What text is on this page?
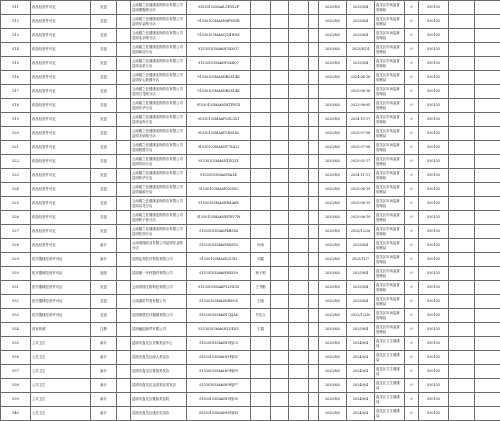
511	药品经营许可证	变更		云南健之佳健康连锁药店有限公司昆明德胜路分店	91530102MA6L5EYX2P					2020/8/5	2025/8/4	盘龙区市场监督管理局	0	530103		
512	药品经营许可证	变更		云南健之佳健康连锁药店有限公司昆明穿金路分店	91530103MA6N8P9X5R					2020/8/5	2025/8/4	盘龙区市场监督管理局	0	530103		
513	药品经营许可证	变更		云南健之佳健康连锁药店有限公司昆明北京路分店	91530103MA6CJQ4W0X					2020/8/5	2025/8/4	盘龙区市场监督管理局	0	530103		
514	药品经营许可证	变更		云南健之佳健康连锁药店有限公司昆明新迎分店	91530103MA6NUK0Q7					2020/8/5	2025/4/14	盘龙区市场监督管理局	0	530103		
515	药品经营许可证	变更		云南健之佳健康连锁药店有限公司昆明金星分店	91530103MA6NUK4Q7					2020/8/5	2025/8/4	盘龙区市场监督管理局	0	530103		
516	药品经营许可证	变更		云南健之佳健康连锁药店有限公司昆明穿心鼓楼分店	91530103MA6NB2X14K					2020/8/5	2024-04-16	盘龙区市场监督管理局	0	530103		
517	药品经营许可证	变更		云南健之佳健康连锁药店有限公司昆明白龙路分店	91530103MA6NB2X14K						2025-06-16	盘龙区市场监督管理局	0	530103		
518	药品经营许可证	变更		云南健之佳健康连锁药店有限公司昆明东华分店	91530103MA6NMTP5GX					2020/8/5	2023-08-05	盘龙区市场监督管理局	0	530103		
519	药品经营许可证	变更		云南健之佳健康连锁药店有限公司昆明金尚分店	91530103MA6P2GL3X1					2020/8/5	2024-10-17	盘龙区市场监督管理局	0	530103		
520	药品经营许可证	变更		云南健之佳健康连锁药店有限公司昆明龙泉路分店	91530103MA6P2N6L60					2020/8/5	2025-07-08	盘龙区市场监督管理局	0	530103		
521	药品经营许可证	变更		云南健之佳健康连锁药店有限公司昆明联盟分店	91530103MA6NY7XA12					2020/8/5	2025-07-08	盘龙区市场监督管理局	0	530103		
522	药品经营许可证	变更		云南健之佳健康连锁药店有限公司昆明茨坝分店	91530103MA6N1XQ2X					2020/8/5	2025-02-17	盘龙区市场监督管理局	0	530103		
523	药品经营许可证	变更		云南健之佳健康连锁药店有限公司昆明松华分店	91530103MA6P6A1K					2020/8/5	2024-11-11	盘龙区市场监督管理局	0	530103		
524	药品经营许可证	变更		云南健之佳健康连锁药店有限公司昆明滇源分店	91530103MA6P2N9N2					2020/8/5	2025-06-19	盘龙区市场监督管理局	0	530103		
525	药品经营许可证	变更		云南健之佳健康连锁药店有限公司昆明双龙分店	91530103MA6NH4A6X					2020/8/5	2025-06-19	盘龙区市场监督管理局	0	530103		
526	药品经营许可证	变更		云南健之佳健康连锁药店有限公司昆明阿子营分店	91530103MA6NHT6V7W					2020/8/5	2025-06-19	盘龙区市场监督管理局	0	530103		
527	药品经营许可证	变更		云南健之佳健康连锁药店有限公司昆明松园分店	91530103MA6P4B5S4					2020/8/5	2025/12/26	盘龙区市场监督管理局	0	530103		
528	药品经营许可证	新办		云南鸿翔药业有限公司昆明穿金路分店	91530103MA6P6X5S5	叶雨				2020/8/5	2025/8/4	盘龙区市场监督管理局	0	530103		
529	医疗器械经营许可证	新办		昆明运邦医疗科技有限公司	91530103MA6N2UX3	刘露				2020/8/5	2025/11/7	盘龙区市场监督管理局	0	530103		
530	医疗器械经营许可证	延续		昆明康一牙科器材有限公司	91530103MA6P6X5S9	杨子明				2020/8/5	2025/8/4	盘龙区市场监督管理局	0	530103		
531	医疗器械经营许可证	变更		云南普瑞生物科技有限公司	91530103MA6P1LVX5X	王书勤				2020/8/5	2025/8/4	盘龙区市场监督管理局	0	530103		
532	医疗器械经营许可证	变更		云南滇医贸易有限公司	91530103MA6NH6U6	王晓				2020/8/5	2025/8/4	盘龙区市场监督管理局	0	530103		
533	医疗器械经营许可证	变更		昆明海恩医疗器械有限公司	91530103MA6N7XJA6	毕光云				2020/8/5	2022/12/30	盘龙区市场监督管理局	0	530103		
534	营业执照	注册		昆明瀚韵商贸有限公司	91530103MA6NLU4N5	王娟				2020/8/5	2025/8/4	盘龙区市场监督管理局	0	530103		
535	公共卫生	新办		昆明市盘龙区贝斯美容中心	91530103MA6N9PJC3					2020/8/5	2024/8/4	盘龙区卫生健康局	0	530103		
536	公共卫生	新办		昆明市盘龙区丽人美容店	91530103MA6N9PJD1					2020/8/5	2024/8/4	盘龙区卫生健康局	0	530103		
537	公共卫生	新办		昆明市盘龙区柔悦美发店	91530103MA6N9PJE9					2020/8/5	2024/8/4	盘龙区卫生健康局	0	530103		
538	公共卫生	新办		昆明市盘龙区金顶美容美发店	91530103MA6N9PJF7					2020/8/5	2024/8/4	盘龙区卫生健康局	0	530103		
539	公共卫生	新办		昆明市盘龙区雅韵美容院	91530103MA6N9PJG5					2020/8/5	2024/8/4	盘龙区卫生健康局	0	530103		
540	公共卫生	新办		昆明市盘龙区康乐足浴店	91530103MA6N9PJH3					2020/8/5	2024/8/4	盘龙区卫生健康局	0	530103		
